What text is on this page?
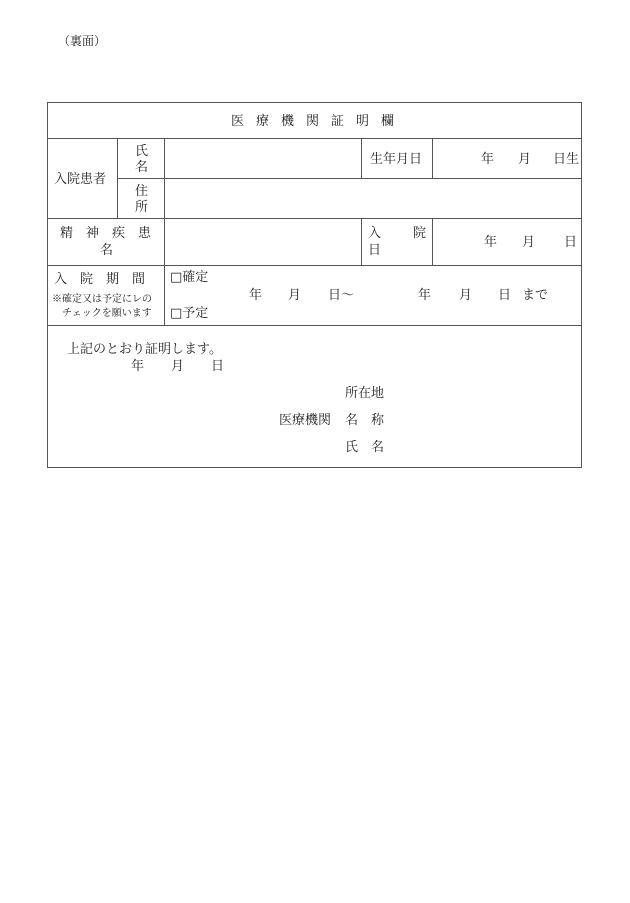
（裏面）
医療機関証明欄
入院患者
氏
名
生年月日	年 月 日生
住
所
精　神　疾　患
名
入 院
日
年 月 日
入　院　期　間
※確定又は予定にレの
チェックを願います
□確定
□予定
年 月 日〜	年 月 日 まで
上記のとおり証明します。
年 月 日
所在地
医療機関 名 称
氏 名
